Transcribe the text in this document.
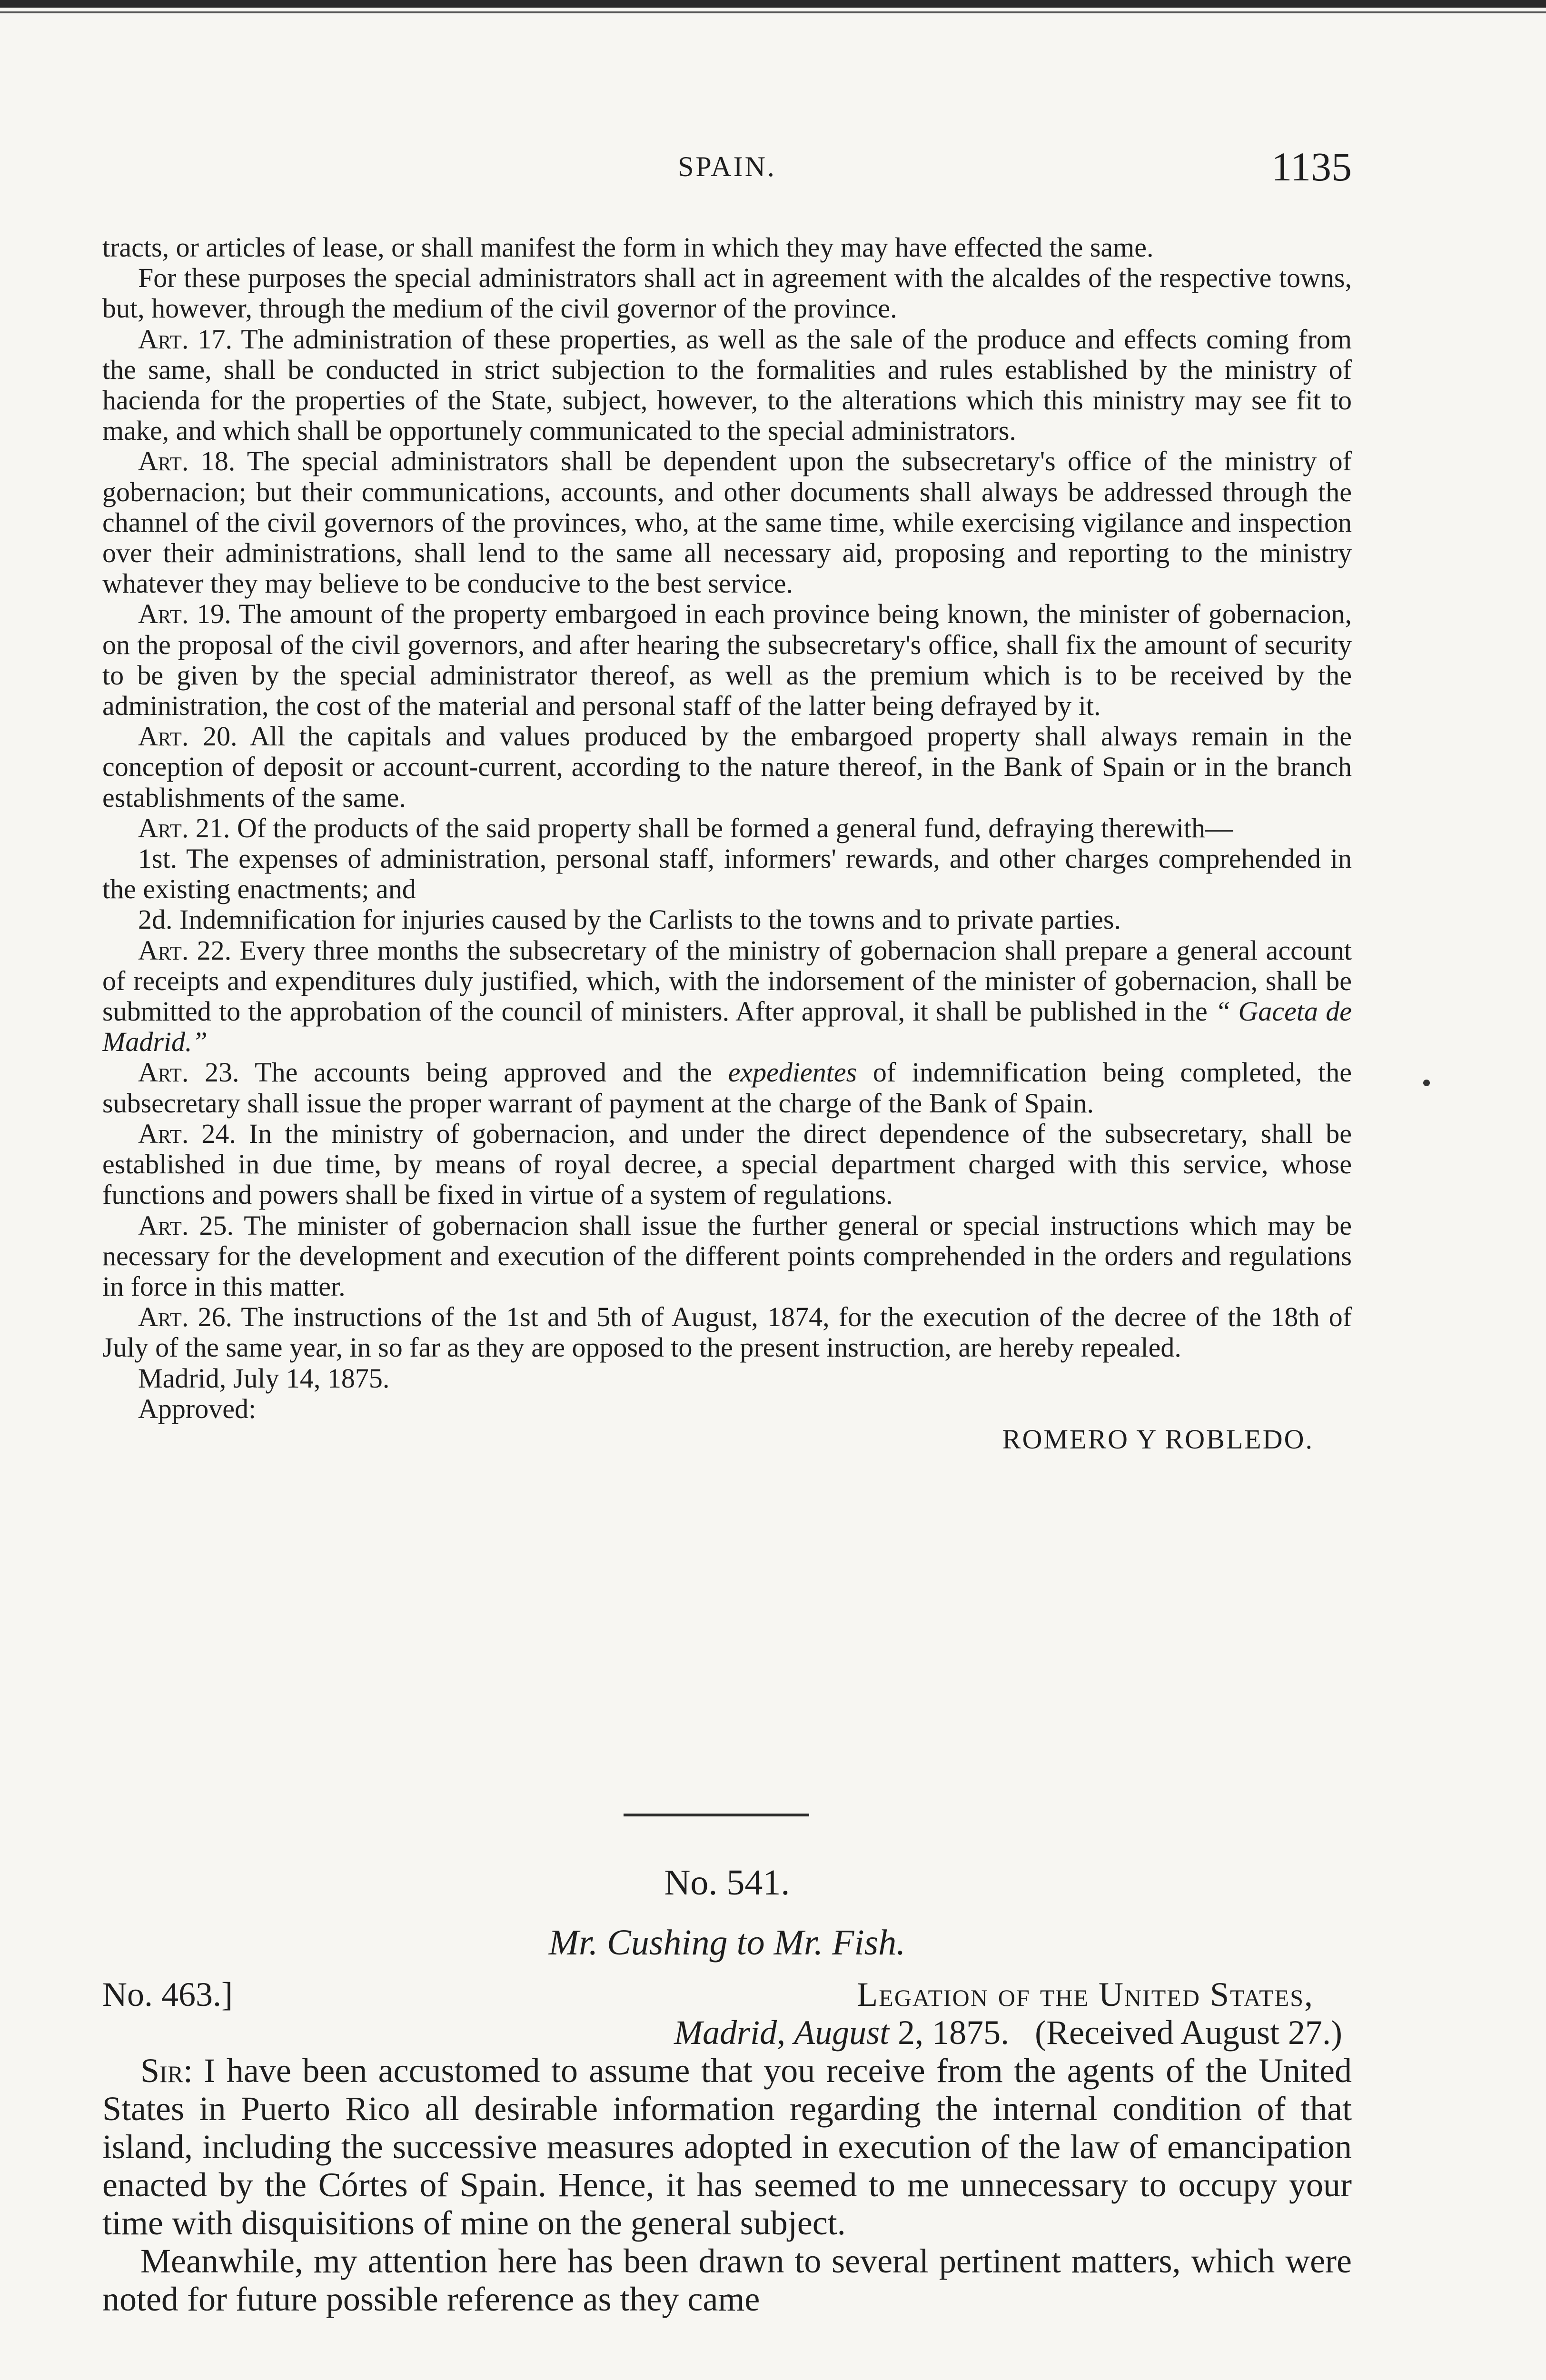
SPAIN.	1135

tracts, or articles of lease, or shall manifest the form in which they may have effected the same.

For these purposes the special administrators shall act in agreement with the alcaldes of the respective towns, but, however, through the medium of the civil governor of the province.

Art. 17. The administration of these properties, as well as the sale of the produce and effects coming from the same, shall be conducted in strict subjection to the formalities and rules established by the ministry of hacienda for the properties of the State, subject, however, to the alterations which this ministry may see fit to make, and which shall be opportunely communicated to the special administrators.

Art. 18. The special administrators shall be dependent upon the subsecretary's office of the ministry of gobernacion; but their communications, accounts, and other documents shall always be addressed through the channel of the civil governors of the provinces, who, at the same time, while exercising vigilance and inspection over their administrations, shall lend to the same all necessary aid, proposing and reporting to the ministry whatever they may believe to be conducive to the best service.

Art. 19. The amount of the property embargoed in each province being known, the minister of gobernacion, on the proposal of the civil governors, and after hearing the subsecretary's office, shall fix the amount of security to be given by the special administrator thereof, as well as the premium which is to be received by the administration, the cost of the material and personal staff of the latter being defrayed by it.

Art. 20. All the capitals and values produced by the embargoed property shall always remain in the conception of deposit or account-current, according to the nature thereof, in the Bank of Spain or in the branch establishments of the same.

Art. 21. Of the products of the said property shall be formed a general fund, defraying therewith—

1st. The expenses of administration, personal staff, informers' rewards, and other charges comprehended in the existing enactments; and

2d. Indemnification for injuries caused by the Carlists to the towns and to private parties.

Art. 22. Every three months the subsecretary of the ministry of gobernacion shall prepare a general account of receipts and expenditures duly justified, which, with the indorsement of the minister of gobernacion, shall be submitted to the approbation of the council of ministers. After approval, it shall be published in the “ Gaceta de Madrid.”

Art. 23. The accounts being approved and the expedientes of indemnification being completed, the subsecretary shall issue the proper warrant of payment at the charge of the Bank of Spain.

Art. 24. In the ministry of gobernacion, and under the direct dependence of the subsecretary, shall be established in due time, by means of royal decree, a special department charged with this service, whose functions and powers shall be fixed in virtue of a system of regulations.

Art. 25. The minister of gobernacion shall issue the further general or special instructions which may be necessary for the development and execution of the different points comprehended in the orders and regulations in force in this matter.

Art. 26. The instructions of the 1st and 5th of August, 1874, for the execution of the decree of the 18th of July of the same year, in so far as they are opposed to the present instruction, are hereby repealed.

Madrid, July 14, 1875.

Approved:

ROMERO Y ROBLEDO.

No. 541.
Mr. Cushing to Mr. Fish.
No. 463.]	Legation of the United States,
Madrid, August 2, 1875. (Received August 27.)

Sir: I have been accustomed to assume that you receive from the agents of the United States in Puerto Rico all desirable information regarding the internal condition of that island, including the successive measures adopted in execution of the law of emancipation enacted by the Córtes of Spain. Hence, it has seemed to me unnecessary to occupy your time with disquisitions of mine on the general subject.

Meanwhile, my attention here has been drawn to several pertinent matters, which were noted for future possible reference as they came
